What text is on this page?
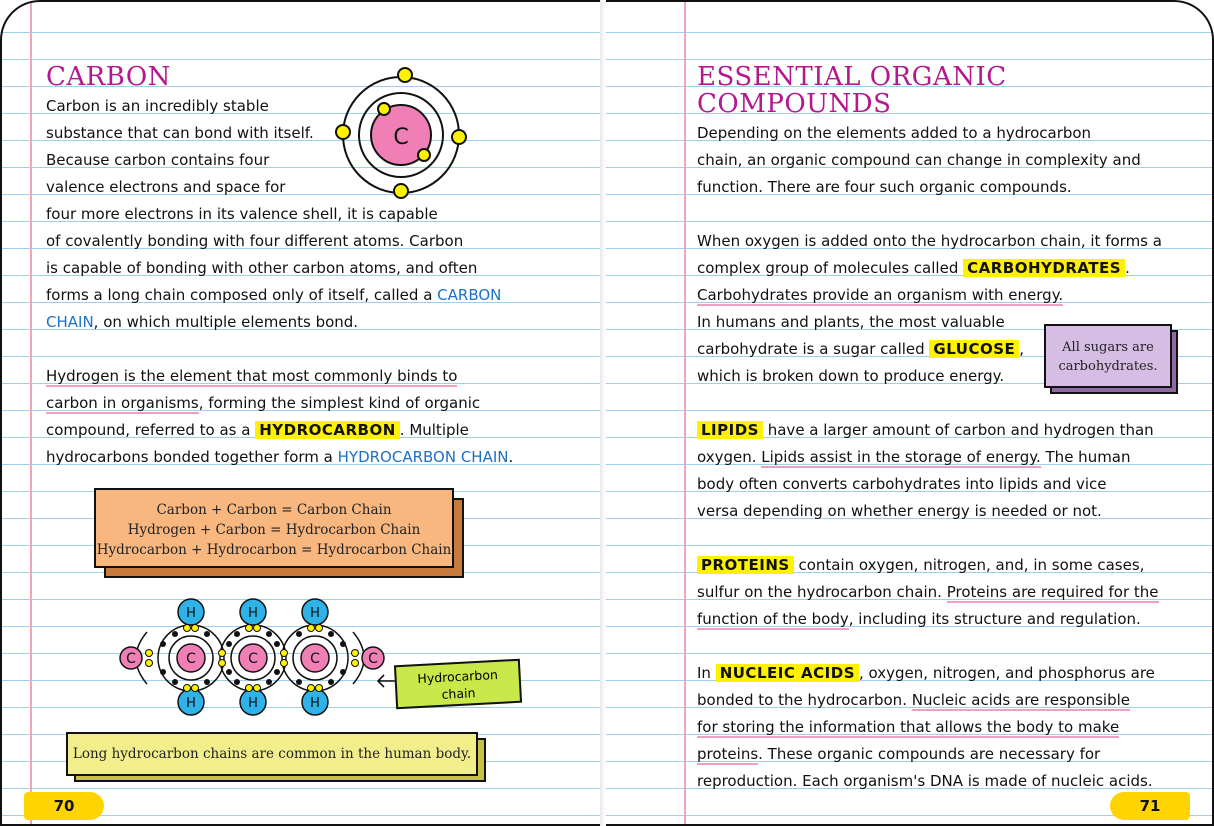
CARBON
Carbon is an incredibly stable
substance that can bond with itself.
Because carbon contains four
valence electrons and space for
four more electrons in its valence shell, it is capable
of covalently bonding with four different atoms. Carbon
is capable of bonding with other carbon atoms, and often
forms a long chain composed only of itself, called a CARBON
CHAIN, on which multiple elements bond.
C
Hydrogen is the element that most commonly binds to
carbon in organisms, forming the simplest kind of organic
compound, referred to as a HYDROCARBON . Multiple
hydrocarbons bonded together form a HYDROCARBON CHAIN.
Carbon + Carbon = Carbon Chain
Hydrogen + Carbon = Hydrocarbon Chain
Hydrocarbon + Hydrocarbon = Hydrocarbon Chain
C	C	C
C	C
H	H	H
H	H	H
Hydrocarbon
chain
Long hydrocarbon chains are common in the human body.
70
ESSENTIAL ORGANIC
COMPOUNDS
Depending on the elements added to a hydrocarbon
chain, an organic compound can change in complexity and
function. There are four such organic compounds.
When oxygen is added onto the hydrocarbon chain, it forms a
complex group of molecules called CARBOHYDRATES .
Carbohydrates provide an organism with energy.
In humans and plants, the most valuable
carbohydrate is a sugar called GLUCOSE ,
which is broken down to produce energy.
All sugars are
carbohydrates.
LIPIDS have a larger amount of carbon and hydrogen than
oxygen. Lipids assist in the storage of energy. The human
body often converts carbohydrates into lipids and vice
versa depending on whether energy is needed or not.
PROTEINS contain oxygen, nitrogen, and, in some cases,
sulfur on the hydrocarbon chain. Proteins are required for the
function of the body, including its structure and regulation.
In NUCLEIC ACIDS , oxygen, nitrogen, and phosphorus are
bonded to the hydrocarbon. Nucleic acids are responsible
for storing the information that allows the body to make
proteins. These organic compounds are necessary for
reproduction. Each organism's DNA is made of nucleic acids.
71
